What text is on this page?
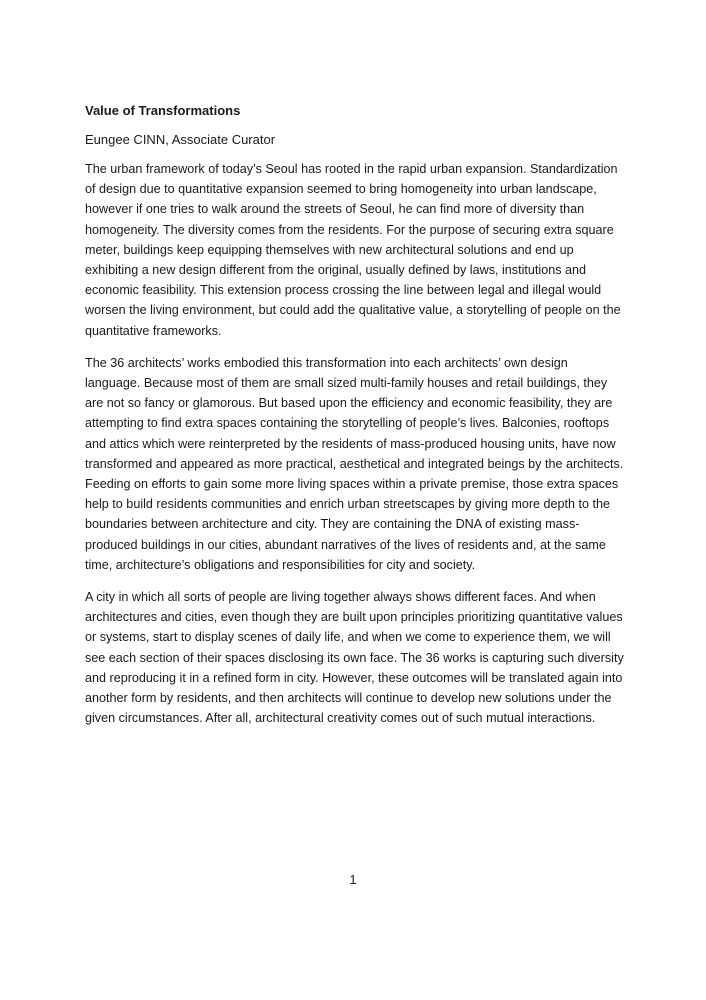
Value of Transformations
Eungee CINN, Associate Curator

The urban framework of today’s Seoul has rooted in the rapid urban expansion. Standardization of design due to quantitative expansion seemed to bring homogeneity into urban landscape, however if one tries to walk around the streets of Seoul, he can find more of diversity than homogeneity. The diversity comes from the residents. For the purpose of securing extra square meter, buildings keep equipping themselves with new architectural solutions and end up exhibiting a new design different from the original, usually defined by laws, institutions and economic feasibility. This extension process crossing the line between legal and illegal would worsen the living environment, but could add the qualitative value, a storytelling of people on the quantitative frameworks.

The 36 architects’ works embodied this transformation into each architects’ own design language. Because most of them are small sized multi-family houses and retail buildings, they are not so fancy or glamorous. But based upon the efficiency and economic feasibility, they are attempting to find extra spaces containing the storytelling of people’s lives. Balconies, rooftops and attics which were reinterpreted by the residents of mass-produced housing units, have now transformed and appeared as more practical, aesthetical and integrated beings by the architects. Feeding on efforts to gain some more living spaces within a private premise, those extra spaces help to build residents communities and enrich urban streetscapes by giving more depth to the boundaries between architecture and city. They are containing the DNA of existing mass-produced buildings in our cities, abundant narratives of the lives of residents and, at the same time, architecture’s obligations and responsibilities for city and society.

A city in which all sorts of people are living together always shows different faces. And when architectures and cities, even though they are built upon principles prioritizing quantitative values or systems, start to display scenes of daily life, and when we come to experience them, we will see each section of their spaces disclosing its own face. The 36 works is capturing such diversity and reproducing it in a refined form in city. However, these outcomes will be translated again into another form by residents, and then architects will continue to develop new solutions under the given circumstances. After all, architectural creativity comes out of such mutual interactions.

1
